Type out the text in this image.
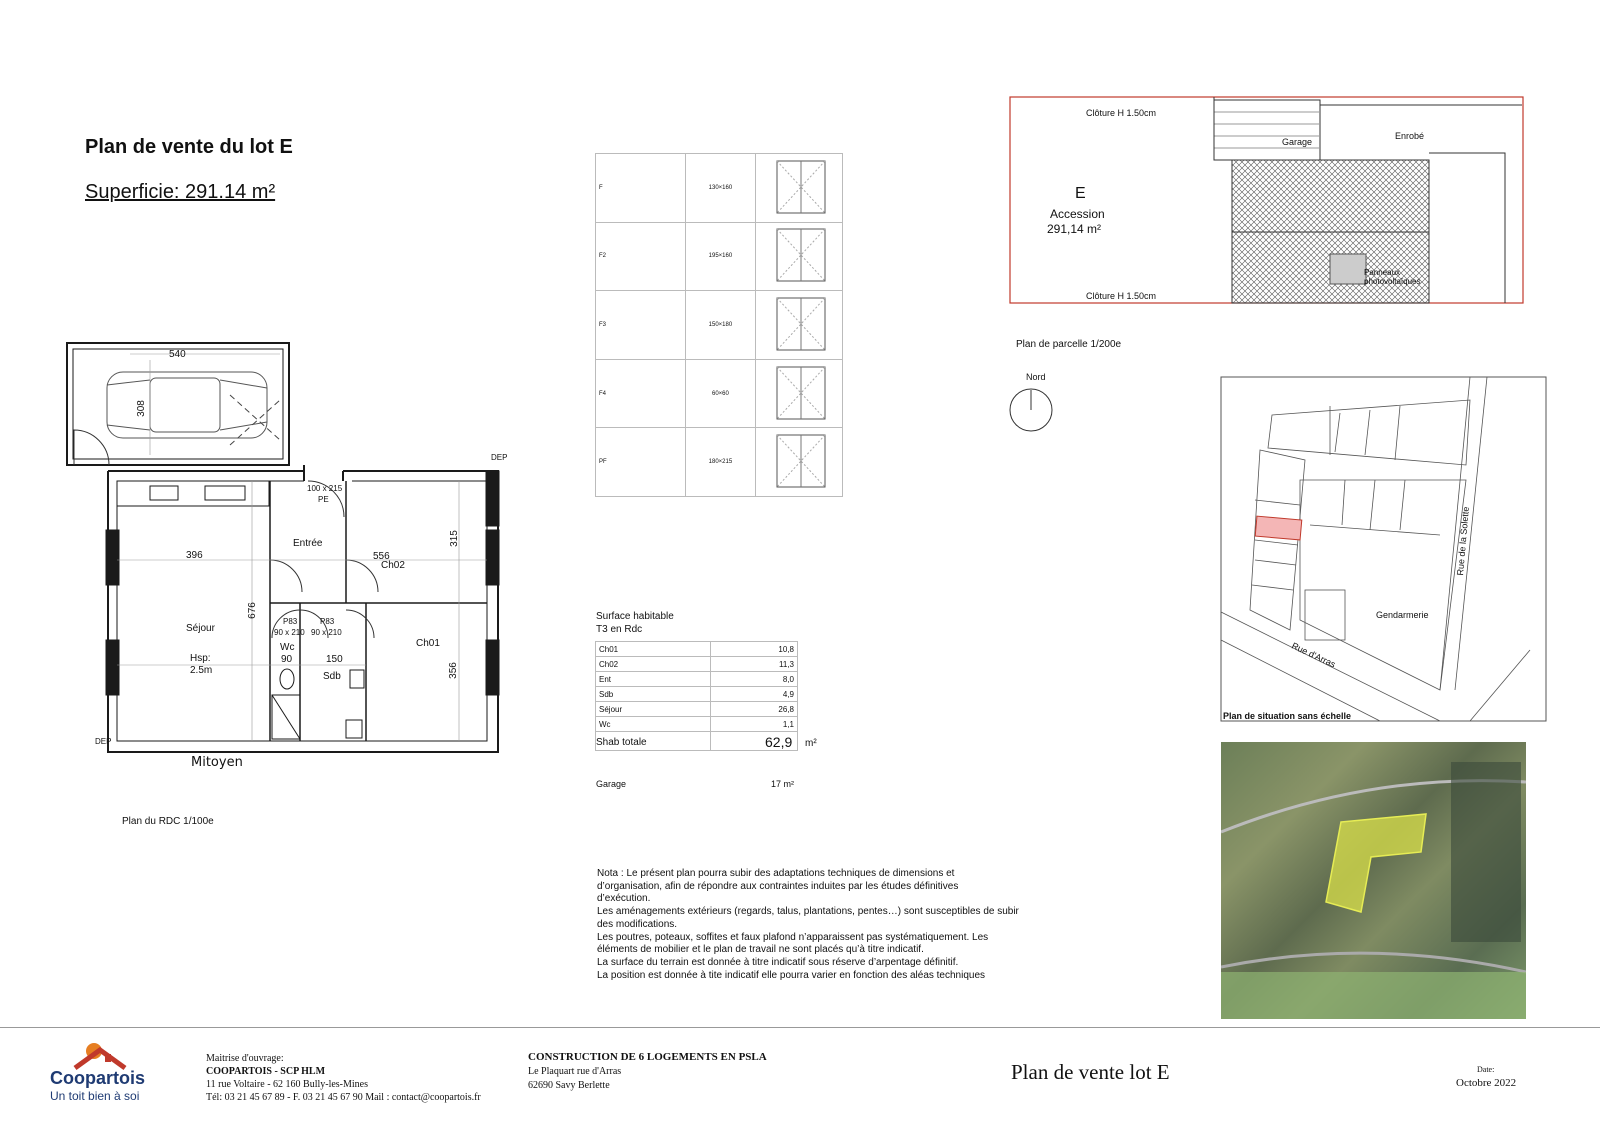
Plan de vente du lot E
Superficie: 291.14 m²
540
308
396	556
315
676
356
150
90
100 x 215
PE
P83
90 x 210
P83
90 x 210
DEP
DEP
Entrée
Ch02
Séjour
Hsp:
2.5m
Wc
Sdb
Ch01
Mitoyen
Plan du RDC 1/100e
F	130×160	
F2	195×160	
F3	150×180	
F4	60×60	
PF	180×215	
Surface habitable
T3 en Rdc
Ch01	10,8
Ch02	11,3
Ent	8,0
Sdb	4,9
Séjour	26,8
Wc	1,1

Shab totale	62,9 m²
Garage	17 m²
Clôture H 1.50cm
Clôture H 1.50cm
Garage
Enrobé
E
Accession
291,14 m²
Panneaux photovoltaïques
Plan de parcelle 1/200e
Nord
Gendarmerie
Rue d'Arras
Rue de la Solette
Plan de situation sans échelle
Nota : Le présent plan pourra subir des adaptations techniques de dimensions et
d’organisation, afin de répondre aux contraintes induites par les études définitives
d’exécution.
Les aménagements extérieurs (regards, talus, plantations, pentes…) sont susceptibles de subir
des modifications.
Les poutres, poteaux, soffites et faux plafond n’apparaissent pas systématiquement. Les
éléments de mobilier et le plan de travail ne sont placés qu’à titre indicatif.
La surface du terrain est donnée à titre indicatif sous réserve d’arpentage définitif.
La position est donnée à tite indicatif elle pourra varier en fonction des aléas techniques
Coopartois
Un toit bien à soi
Maitrise d'ouvrage:
COOPARTOIS - SCP HLM
11 rue Voltaire - 62 160 Bully-les-Mines
Tél: 03 21 45 67 89 - F. 03 21 45 67 90 Mail : contact@coopartois.fr
CONSTRUCTION DE 6 LOGEMENTS EN PSLA
Le Plaquart rue d'Arras
62690 Savy Berlette
Plan de vente lot E	Date:
Octobre 2022
